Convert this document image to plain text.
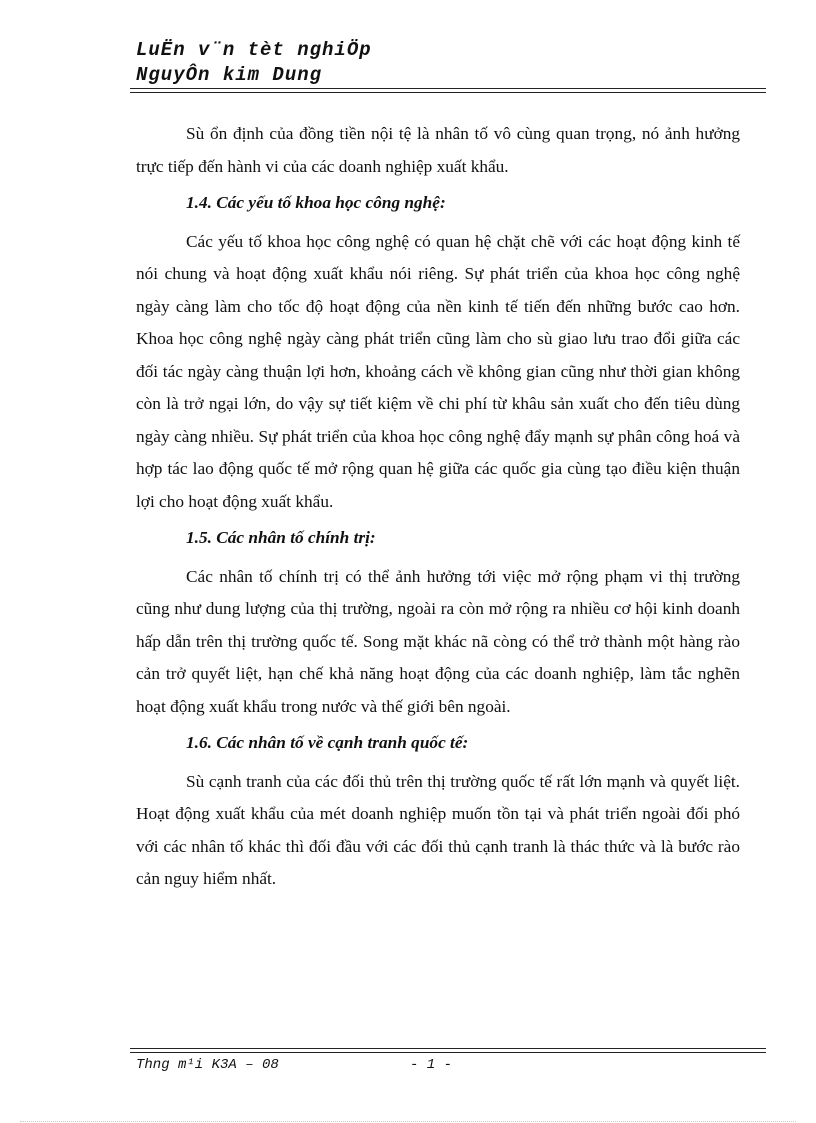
LuËn v¨n tèt nghiÖp
NguyÔn kim Dung

Sù ổn định của đồng tiền nội tệ là nhân tố vô cùng quan trọng, nó ảnh hưởng trực tiếp đến hành vi của các doanh nghiệp xuất khẩu.

1.4. Các yếu tố khoa học công nghệ:

Các yếu tố khoa học công nghệ có quan hệ chặt chẽ với các hoạt động kinh tế nói chung và hoạt động xuất khẩu nói riêng. Sự phát triển của khoa học công nghệ ngày càng làm cho tốc độ hoạt động của nền kinh tế tiến đến những bước cao hơn. Khoa học công nghệ ngày càng phát triển cũng làm cho sù giao lưu trao đổi giữa các đối tác ngày càng thuận lợi hơn, khoảng cách về không gian cũng như thời gian không còn là trở ngại lớn, do vậy sự tiết kiệm về chi phí từ khâu sản xuất cho đến tiêu dùng ngày càng nhiều. Sự phát triển của khoa học công nghệ đẩy mạnh sự phân công hoá và hợp tác lao động quốc tế mở rộng quan hệ giữa các quốc gia cùng tạo điều kiện thuận lợi cho hoạt động xuất khẩu.

1.5. Các nhân tố chính trị:

Các nhân tố chính trị có thể ảnh hưởng tới việc mở rộng phạm vi thị trường cũng như dung lượng của thị trường, ngoài ra còn mở rộng ra nhiều cơ hội kinh doanh hấp dẫn trên thị trường quốc tế. Song mặt khác nã còng có thể trở thành một hàng rào cản trở quyết liệt, hạn chế khả năng hoạt động của các doanh nghiệp, làm tắc nghẽn hoạt động xuất khẩu trong nước và thế giới bên ngoài.

1.6. Các nhân tố về cạnh tranh quốc tế:

Sù cạnh tranh của các đối thủ trên thị trường quốc tế rất lớn mạnh và quyết liệt. Hoạt động xuất khẩu của mét doanh nghiệp muốn tồn tại và phát triển ngoài đối phó với các nhân tố khác thì đối đầu với các đối thủ cạnh tranh là thác thức và là bước rào cản nguy hiểm nhất.

Thng m¹i K3A – 08	- 1 -
